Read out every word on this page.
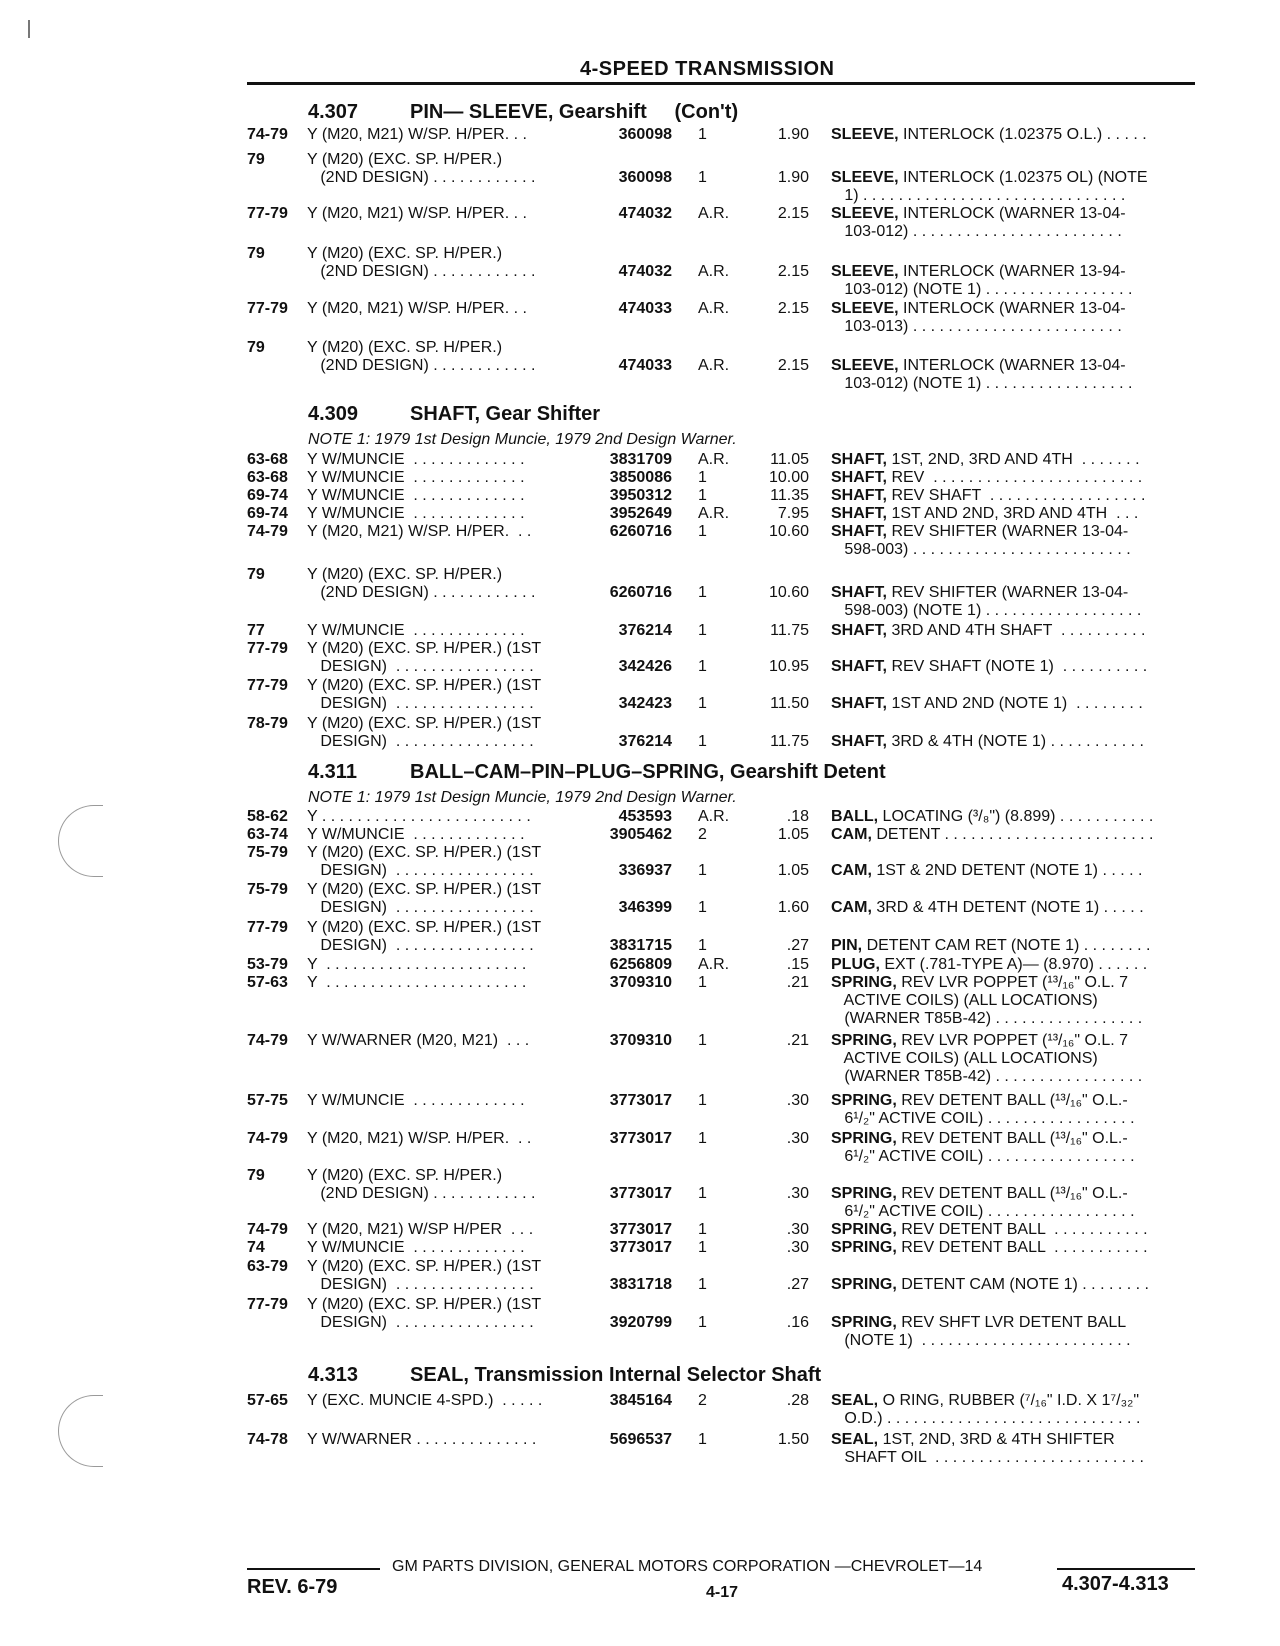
4-SPEED TRANSMISSION
4.307	PIN— SLEEVE, Gearshift     (Con't)
74-79	Y (M20, M21) W/SP. H/PER. . .	360098 1	1.90 SLEEVE, INTERLOCK (1.02375 O.L.) . . . . .
79	Y (M20) (EXC. SP. H/PER.)
(2ND DESIGN) . . . . . . . . . . . .	360098 1	1.90 SLEEVE, INTERLOCK (1.02375 OL) (NOTE
1) . . . . . . . . . . . . . . . . . . . . . . . . . . . . . .
77-79	Y (M20, M21) W/SP. H/PER. . .	474032 A.R.	2.15 SLEEVE, INTERLOCK (WARNER 13-04-
103-012) . . . . . . . . . . . . . . . . . . . . . . . .
79	Y (M20) (EXC. SP. H/PER.)
(2ND DESIGN) . . . . . . . . . . . .	474032 A.R.	2.15 SLEEVE, INTERLOCK (WARNER 13-94-
103-012) (NOTE 1) . . . . . . . . . . . . . . . . .
77-79	Y (M20, M21) W/SP. H/PER. . .	474033 A.R.	2.15 SLEEVE, INTERLOCK (WARNER 13-04-
103-013) . . . . . . . . . . . . . . . . . . . . . . . .
79	Y (M20) (EXC. SP. H/PER.)
(2ND DESIGN) . . . . . . . . . . . .	474033 A.R.	2.15 SLEEVE, INTERLOCK (WARNER 13-04-
103-012) (NOTE 1) . . . . . . . . . . . . . . . . .
4.309	SHAFT, Gear Shifter
NOTE 1: 1979 1st Design Muncie, 1979 2nd Design Warner.
63-68	Y W/MUNCIE  . . . . . . . . . . . . .	3831709 A.R.	11.05 SHAFT, 1ST, 2ND, 3RD AND 4TH  . . . . . . .
63-68	Y W/MUNCIE  . . . . . . . . . . . . .	3850086 1	10.00 SHAFT, REV  . . . . . . . . . . . . . . . . . . . . . . . .
69-74	Y W/MUNCIE  . . . . . . . . . . . . .	3950312 1	11.35 SHAFT, REV SHAFT  . . . . . . . . . . . . . . . . . .
69-74	Y W/MUNCIE  . . . . . . . . . . . . .	3952649 A.R.	7.95 SHAFT, 1ST AND 2ND, 3RD AND 4TH  . . .
74-79	Y (M20, M21) W/SP. H/PER.  . .	6260716 1	10.60 SHAFT, REV SHIFTER (WARNER 13-04-
598-003) . . . . . . . . . . . . . . . . . . . . . . . . .
79	Y (M20) (EXC. SP. H/PER.)
(2ND DESIGN) . . . . . . . . . . . .	6260716 1	10.60 SHAFT, REV SHIFTER (WARNER 13-04-
598-003) (NOTE 1) . . . . . . . . . . . . . . . . . .
77	Y W/MUNCIE  . . . . . . . . . . . . .	376214 1	11.75 SHAFT, 3RD AND 4TH SHAFT  . . . . . . . . . .
77-79	Y (M20) (EXC. SP. H/PER.) (1ST
DESIGN)  . . . . . . . . . . . . . . . .	342426 1	10.95 SHAFT, REV SHAFT (NOTE 1)  . . . . . . . . . .
77-79	Y (M20) (EXC. SP. H/PER.) (1ST
DESIGN)  . . . . . . . . . . . . . . . .	342423 1	11.50 SHAFT, 1ST AND 2ND (NOTE 1)  . . . . . . . .
78-79	Y (M20) (EXC. SP. H/PER.) (1ST
DESIGN)  . . . . . . . . . . . . . . . .	376214 1	11.75 SHAFT, 3RD & 4TH (NOTE 1) . . . . . . . . . . .
4.311	BALL–CAM–PIN–PLUG–SPRING, Gearshift Detent
NOTE 1: 1979 1st Design Muncie, 1979 2nd Design Warner.
58-62	Y . . . . . . . . . . . . . . . . . . . . . . . .	453593 A.R.	.18 BALL, LOCATING (³/₈") (8.899) . . . . . . . . . . .
63-74	Y W/MUNCIE  . . . . . . . . . . . . .	3905462 2	1.05 CAM, DETENT . . . . . . . . . . . . . . . . . . . . . . . .
75-79	Y (M20) (EXC. SP. H/PER.) (1ST
DESIGN)  . . . . . . . . . . . . . . . .	336937 1	1.05 CAM, 1ST & 2ND DETENT (NOTE 1) . . . . .
75-79	Y (M20) (EXC. SP. H/PER.) (1ST
DESIGN)  . . . . . . . . . . . . . . . .	346399 1	1.60 CAM, 3RD & 4TH DETENT (NOTE 1) . . . . .
77-79	Y (M20) (EXC. SP. H/PER.) (1ST
DESIGN)  . . . . . . . . . . . . . . . .	3831715 1	.27 PIN, DETENT CAM RET (NOTE 1) . . . . . . . .
53-79	Y  . . . . . . . . . . . . . . . . . . . . . . .	6256809 A.R.	.15 PLUG, EXT (.781-TYPE A)— (8.970) . . . . . .
57-63	Y  . . . . . . . . . . . . . . . . . . . . . . .	3709310 1	.21 SPRING, REV LVR POPPET (¹³/₁₆" O.L. 7
ACTIVE COILS) (ALL LOCATIONS)
(WARNER T85B-42) . . . . . . . . . . . . . . . . .
74-79	Y W/WARNER (M20, M21)  . . .	3709310 1	.21 SPRING, REV LVR POPPET (¹³/₁₆" O.L. 7
ACTIVE COILS) (ALL LOCATIONS)
(WARNER T85B-42) . . . . . . . . . . . . . . . . .
57-75	Y W/MUNCIE  . . . . . . . . . . . . .	3773017 1	.30 SPRING, REV DETENT BALL (¹³/₁₆" O.L.-
6¹/₂" ACTIVE COIL) . . . . . . . . . . . . . . . . .
74-79	Y (M20, M21) W/SP. H/PER.  . .	3773017 1	.30 SPRING, REV DETENT BALL (¹³/₁₆" O.L.-
6¹/₂" ACTIVE COIL) . . . . . . . . . . . . . . . . .
79	Y (M20) (EXC. SP. H/PER.)
(2ND DESIGN) . . . . . . . . . . . .	3773017 1	.30 SPRING, REV DETENT BALL (¹³/₁₆" O.L.-
6¹/₂" ACTIVE COIL) . . . . . . . . . . . . . . . . .
74-79	Y (M20, M21) W/SP H/PER  . . .	3773017 1	.30 SPRING, REV DETENT BALL  . . . . . . . . . . .
74	Y W/MUNCIE  . . . . . . . . . . . . .	3773017 1	.30 SPRING, REV DETENT BALL  . . . . . . . . . . .
63-79	Y (M20) (EXC. SP. H/PER.) (1ST
DESIGN)  . . . . . . . . . . . . . . . .	3831718 1	.27 SPRING, DETENT CAM (NOTE 1) . . . . . . . .
77-79	Y (M20) (EXC. SP. H/PER.) (1ST
DESIGN)  . . . . . . . . . . . . . . . .	3920799 1	.16 SPRING, REV SHFT LVR DETENT BALL
(NOTE 1)  . . . . . . . . . . . . . . . . . . . . . . . .
4.313	SEAL, Transmission Internal Selector Shaft
57-65	Y (EXC. MUNCIE 4-SPD.)  . . . . .	3845164 2	.28 SEAL, O RING, RUBBER (⁷/₁₆" I.D. X 1⁷/₃₂"
O.D.) . . . . . . . . . . . . . . . . . . . . . . . . . . . . .
74-78	Y W/WARNER . . . . . . . . . . . . . .	5696537 1	1.50 SEAL, 1ST, 2ND, 3RD & 4TH SHIFTER
SHAFT OIL  . . . . . . . . . . . . . . . . . . . . . . . .
GM PARTS DIVISION, GENERAL MOTORS CORPORATION —CHEVROLET—14
REV. 6-79	4-17	4.307-4.313
